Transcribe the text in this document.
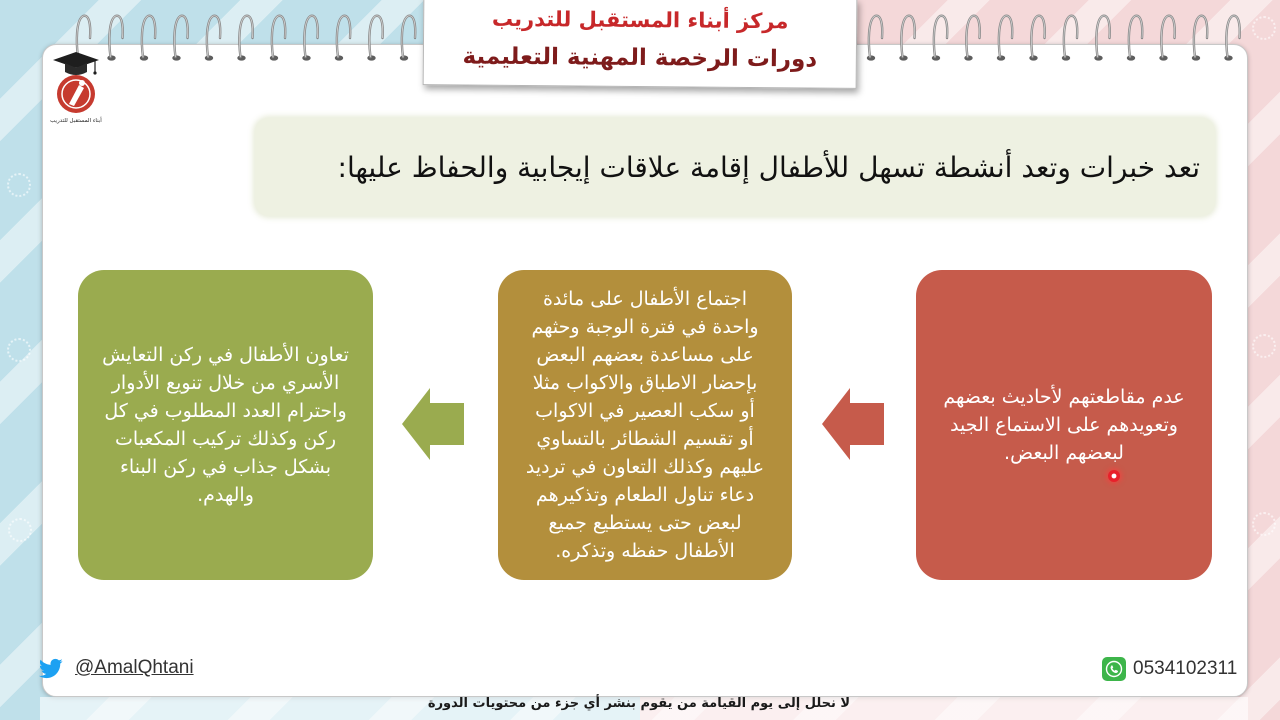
مركز أبناء المستقبل للتدريب
دورات الرخصة المهنية التعليمية
أبناء المستقبل للتدريب

تعد خبرات وتعد أنشطة تسهل للأطفال إقامة علاقات إيجابية والحفاظ عليها:

عدم مقاطعتهم لأحاديث بعضهم
وتعويدهم على الاستماع الجيد
لبعضهم البعض.
اجتماع الأطفال على مائدة
واحدة في فترة الوجبة وحثهم
على مساعدة بعضهم البعض
بإحضار الاطباق والاكواب مثلا
أو سكب العصير في الاكواب
أو تقسيم الشطائر بالتساوي
عليهم وكذلك التعاون في ترديد
دعاء تناول الطعام وتذكيرهم
لبعض حتى يستطيع جميع
الأطفال حفظه وتذكره.
تعاون الأطفال في ركن التعايش
الأسري من خلال تنويع الأدوار
واحترام العدد المطلوب في كل
ركن وكذلك تركيب المكعبات
بشكل جذاب في ركن البناء
والهدم.
@AmalQhtani	0534102311
لا نحلل إلى يوم القيامة من يقوم بنشر أي جزء من محتويات الدورة
